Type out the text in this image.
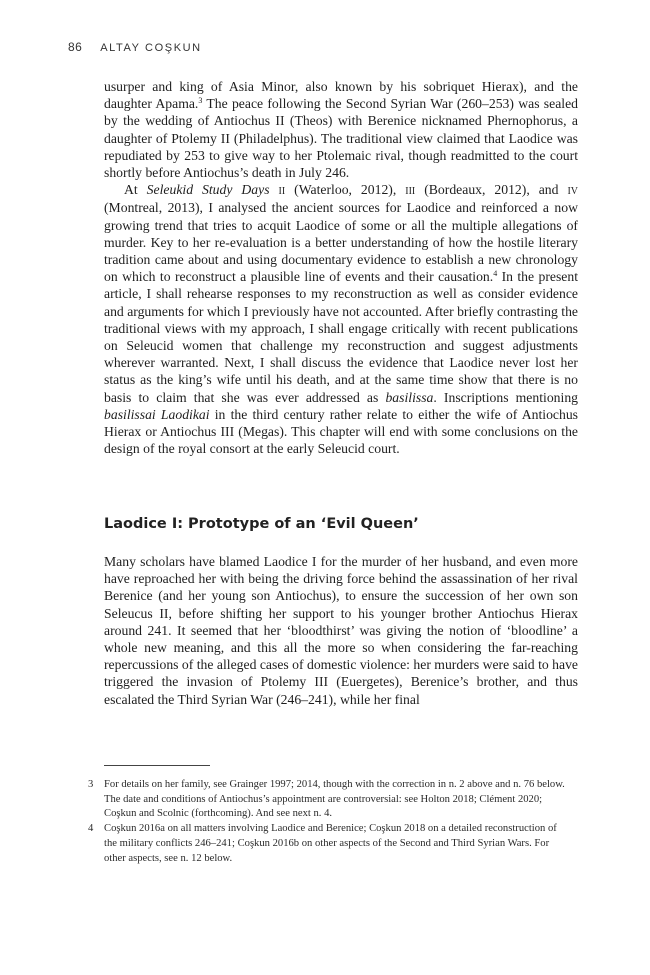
86 ALTAY COŞKUN

usurper and king of Asia Minor, also known by his sobriquet Hierax), and the daughter Apama.$^3$ The peace following the Second Syrian War (260–253) was sealed by the wedding of Antiochus II (Theos) with Berenice nicknamed Phernophorus, a daughter of Ptolemy II (Philadelphus). The traditional view claimed that Laodice was repudiated by 253 to give way to her Ptolemaic rival, though readmitted to the court shortly before Antiochus’s death in July 246.

At Seleukid Study Days ii (Waterloo, 2012), iii (Bordeaux, 2012), and iv (Montreal, 2013), I analysed the ancient sources for Laodice and reinforced a now growing trend that tries to acquit Laodice of some or all the multiple allegations of murder. Key to her re-evaluation is a better understanding of how the hostile literary tradition came about and using documentary evidence to establish a new chronology on which to reconstruct a plausible line of events and their causation.$^4$ In the present article, I shall rehearse responses to my reconstruction as well as consider evidence and arguments for which I previously have not accounted. After briefly contrasting the traditional views with my approach, I shall engage critically with recent publications on Seleucid women that challenge my reconstruction and suggest adjustments wherever warranted. Next, I shall discuss the evidence that Laodice never lost her status as the king’s wife until his death, and at the same time show that there is no basis to claim that she was ever addressed as basilissa. Inscriptions mentioning basilissai Laodikai in the third century rather relate to either the wife of Antiochus Hierax or Antiochus III (Megas). This chapter will end with some conclusions on the design of the royal consort at the early Seleucid court.

Laodice I: Prototype of an ‘Evil Queen’

Many scholars have blamed Laodice I for the murder of her husband, and even more have reproached her with being the driving force behind the assassination of her rival Berenice (and her young son Antiochus), to ensure the succession of her own son Seleucus II, before shifting her support to his younger brother Antiochus Hierax around 241. It seemed that her ‘bloodthirst’ was giving the notion of ‘bloodline’ a whole new meaning, and this all the more so when considering the far-reaching repercussions of the alleged cases of domestic violence: her murders were said to have triggered the invasion of Ptolemy III (Euergetes), Berenice’s brother, and thus escalated the Third Syrian War (246–241), while her final

3	For details on her family, see Grainger 1997; 2014, though with the correction in n. 2 above and n. 76 below. The date and conditions of Antiochus’s appointment are controversial: see Holton 2018; Clément 2020; Coşkun and Scolnic (forthcoming). And see next n. 4.
4	Coşkun 2016a on all matters involving Laodice and Berenice; Coşkun 2018 on a detailed reconstruction of the military conflicts 246–241; Coşkun 2016b on other aspects of the Second and Third Syrian Wars. For other aspects, see n. 12 below.
